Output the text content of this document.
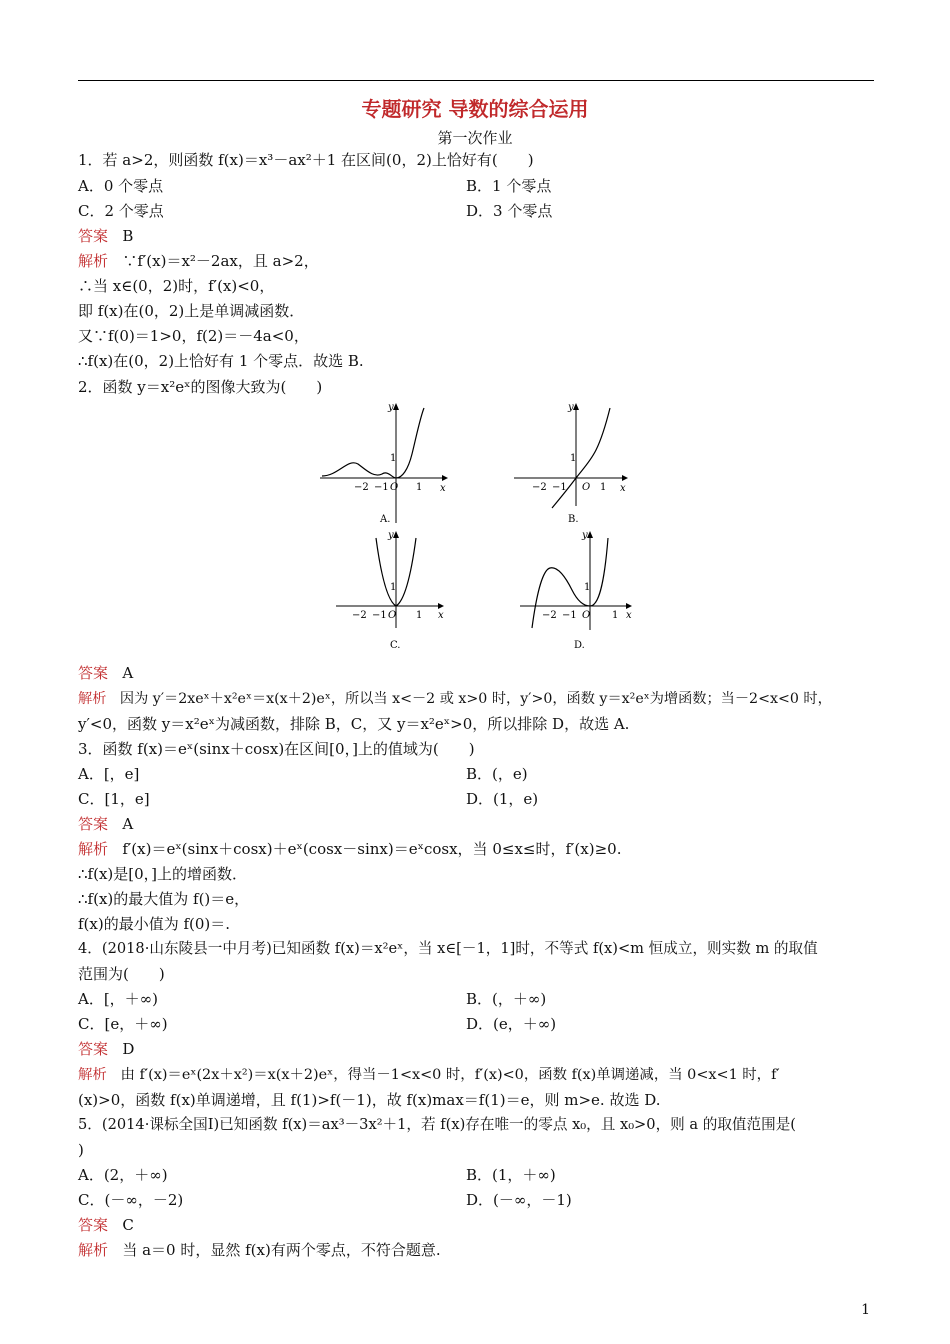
专题研究 导数的综合运用
第一次作业
1．若 a>2，则函数 f(x)＝x³－ax²＋1 在区间(0，2)上恰好有(　　)
A．0 个零点	B．1 个零点
C．2 个零点	D．3 个零点
答案 B
解析 ∵f′(x)＝x²－2ax，且 a>2，
∴当 x∈(0，2)时，f′(x)<0，
即 f(x)在(0，2)上是单调减函数．
又∵f(0)＝1>0，f(2)＝－4a<0，
∴f(x)在(0，2)上恰好有 1 个零点．故选 B.
2．函数 y＝x²eˣ的图像大致为(　　)
y
x
O
1
1
−2 −1
A.
y
x
O
1
1
−2 −1
B.
y
x
O
1
1
−2 −1
C.
y
x
O
1
1
−2 −1
D.
答案 A
解析 因为 y′＝2xeˣ＋x²eˣ＝x(x＋2)eˣ，所以当 x<－2 或 x>0 时，y′>0，函数 y＝x²eˣ为增函数；当－2<x<0 时，
y′<0，函数 y＝x²eˣ为减函数，排除 B，C，又 y＝x²eˣ>0，所以排除 D，故选 A.
3．函数 f(x)＝eˣ(sinx＋cosx)在区间[0，]上的值域为(　　)
A．[，e]	B．(，e)
C．[1，e]	D．(1，e)
答案 A
解析 f′(x)＝eˣ(sinx＋cosx)＋eˣ(cosx－sinx)＝eˣcosx，当 0≤x≤时，f′(x)≥0.
∴f(x)是[0，]上的增函数．
∴f(x)的最大值为 f()＝e，
f(x)的最小值为 f(0)＝.
4．(2018·山东陵县一中月考)已知函数 f(x)＝x²eˣ，当 x∈[－1，1]时，不等式 f(x)<m 恒成立，则实数 m 的取值
范围为(　　)
A．[，＋∞)	B．(，＋∞)
C．[e，＋∞)	D．(e，＋∞)
答案 D
解析 由 f′(x)＝eˣ(2x＋x²)＝x(x＋2)eˣ，得当－1<x<0 时，f′(x)<0，函数 f(x)单调递减，当 0<x<1 时，f′
(x)>0，函数 f(x)单调递增，且 f(1)>f(－1)，故 f(x)max＝f(1)＝e，则 m>e. 故选 D.
5．(2014·课标全国Ⅰ)已知函数 f(x)＝ax³－3x²＋1，若 f(x)存在唯一的零点 x₀，且 x₀>0，则 a 的取值范围是(
)
A．(2，＋∞)	B．(1，＋∞)
C．(－∞，－2)	D．(－∞，－1)
答案 C
解析 当 a＝0 时，显然 f(x)有两个零点，不符合题意.
1
